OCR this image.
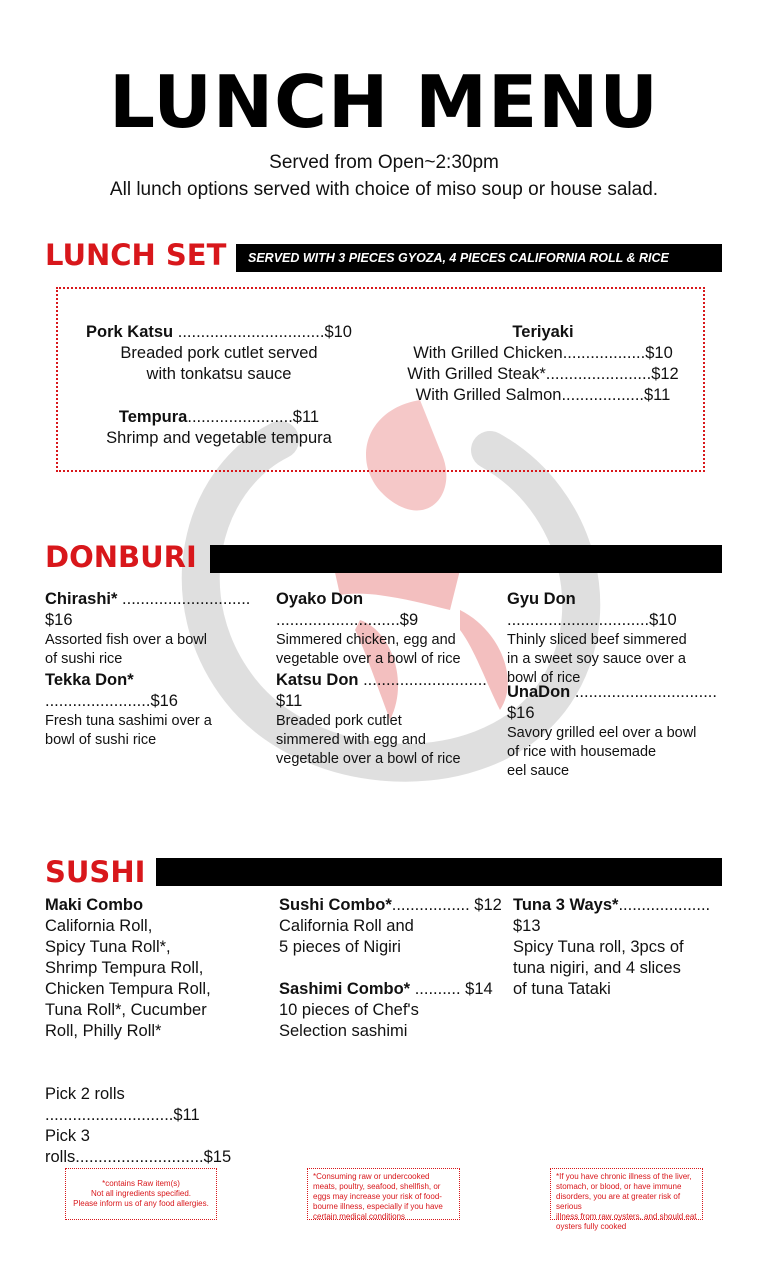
LUNCH MENU
Served from Open~2:30pm
All lunch options served with choice of miso soup or house salad.
LUNCH SET	SERVED WITH 3 PIECES GYOZA, 4 PIECES CALIFORNIA ROLL & RICE
Pork Katsu ................................$10
Breaded pork cutlet served
with tonkatsu sauce
Tempura.......................$11
Shrimp and vegetable tempura
Teriyaki
With Grilled Chicken..................$10
With Grilled Steak*.......................$12
With Grilled Salmon..................$11
DONBURI
Chirashi* ............................ $16
Assorted fish over a bowl
of sushi rice
Tekka Don* .......................$16
Fresh tuna sashimi over a
bowl of sushi rice
Oyako Don ...........................$9
Simmered chicken, egg and
vegetable over a bowl of rice
Katsu Don ........................... $11
Breaded pork cutlet
simmered with egg and
vegetable over a bowl of rice
Gyu Don ...............................$10
Thinly sliced beef simmered
in a sweet soy sauce over a
bowl of rice
UnaDon ............................... $16
Savory grilled eel over a bowl
of rice with housemade
eel sauce
SUSHI
Maki Combo
California Roll,
Spicy Tuna Roll*,
Shrimp Tempura Roll,
Chicken Tempura Roll,
Tuna Roll*, Cucumber
Roll, Philly Roll*
Pick 2 rolls ............................$11
Pick 3 rolls............................$15
Sushi Combo*................. $12
California Roll and
5 pieces of Nigiri
Sashimi Combo* .......... $14
10 pieces of Chef's
Selection sashimi
Tuna 3 Ways*.................... $13
Spicy Tuna roll, 3pcs of
tuna nigiri, and 4 slices
of tuna Tataki
*contains Raw item(s)
Not all ingredients specified.
Please inform us of any food allergies.
*Consuming raw or undercooked
meats, poultry, seafood, shellfish, or
eggs may increase your risk of food-
bourne illness, especially if you have
certain medical conditions
*If you have chronic illness of the liver,
stomach, or blood, or have immune
disorders, you are at greater risk of serious
illness from raw oysters, and should eat
oysters fully cooked
